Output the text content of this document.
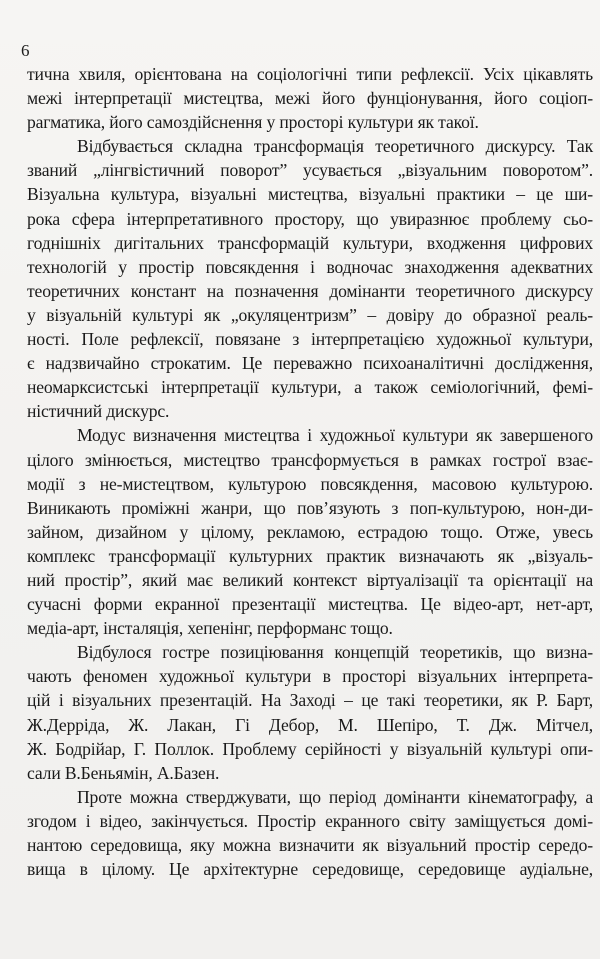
6
тична хвиля, орієнтована на соціологічні типи рефлексії. Усіх цікавлять
межі інтерпретації мистецтва, межі його фунціонування, його соціоп-
рагматика, його самоздійснення у просторі культури як такої.
Відбувається складна трансформація теоретичного дискурсу. Так
званий „лінгвістичний поворот” усувається „візуальним поворотом”.
Візуальна культура, візуальні мистецтва, візуальні практики – це ши-
рока сфера інтерпретативного простору, що увиразнює проблему сьо-
годнішніх дигітальних трансформацій культури, входження цифрових
технологій у простір повсякдення і водночас знаходження адекватних
теоретичних констант на позначення домінанти теоретичного дискурсу
у візуальній культурі як „окуляцентризм” – довіру до образної реаль-
ності. Поле рефлексії, повязане з інтерпретацією художньої культури,
є надзвичайно строкатим. Це переважно психоаналітичні дослідження,
неомарксистські інтерпретації культури, а також семіологічний, фемі-
ністичний дискурс.
Модус визначення мистецтва і художньої культури як завершеного
цілого змінюється, мистецтво трансформується в рамках гострої взає-
модії з не-мистецтвом, культурою повсякдення, масовою культурою.
Виникають проміжні жанри, що пов’язують з поп-культурою, нон-ди-
зайном, дизайном у цілому, рекламою, естрадою тощо. Отже, увесь
комплекс трансформації культурних практик визначають як „візуаль-
ний простір”, який має великий контекст віртуалізації та орієнтації на
сучасні форми екранної презентації мистецтва. Це відео-арт, нет-арт,
медіа-арт, інсталяція, хепенінг, перформанс тощо.
Відбулося гостре позиціювання концепцій теоретиків, що визна-
чають феномен художньої культури в просторі візуальних інтерпрета-
цій і візуальних презентацій. На Заході – це такі теоретики, як Р. Барт,
Ж.Дерріда, Ж. Лакан, Гі Дебор, М. Шепіро, Т. Дж. Мітчел,
Ж. Бодрійар, Г. Поллок. Проблему серійності у візуальній культурі опи-
сали В.Беньямін, А.Базен.
Проте можна стверджувати, що період домінанти кінематографу, а
згодом і відео, закінчується. Простір екранного світу заміщується домі-
нантою середовища, яку можна визначити як візуальний простір середо-
вища в цілому. Це архітектурне середовище, середовище аудіальне,
